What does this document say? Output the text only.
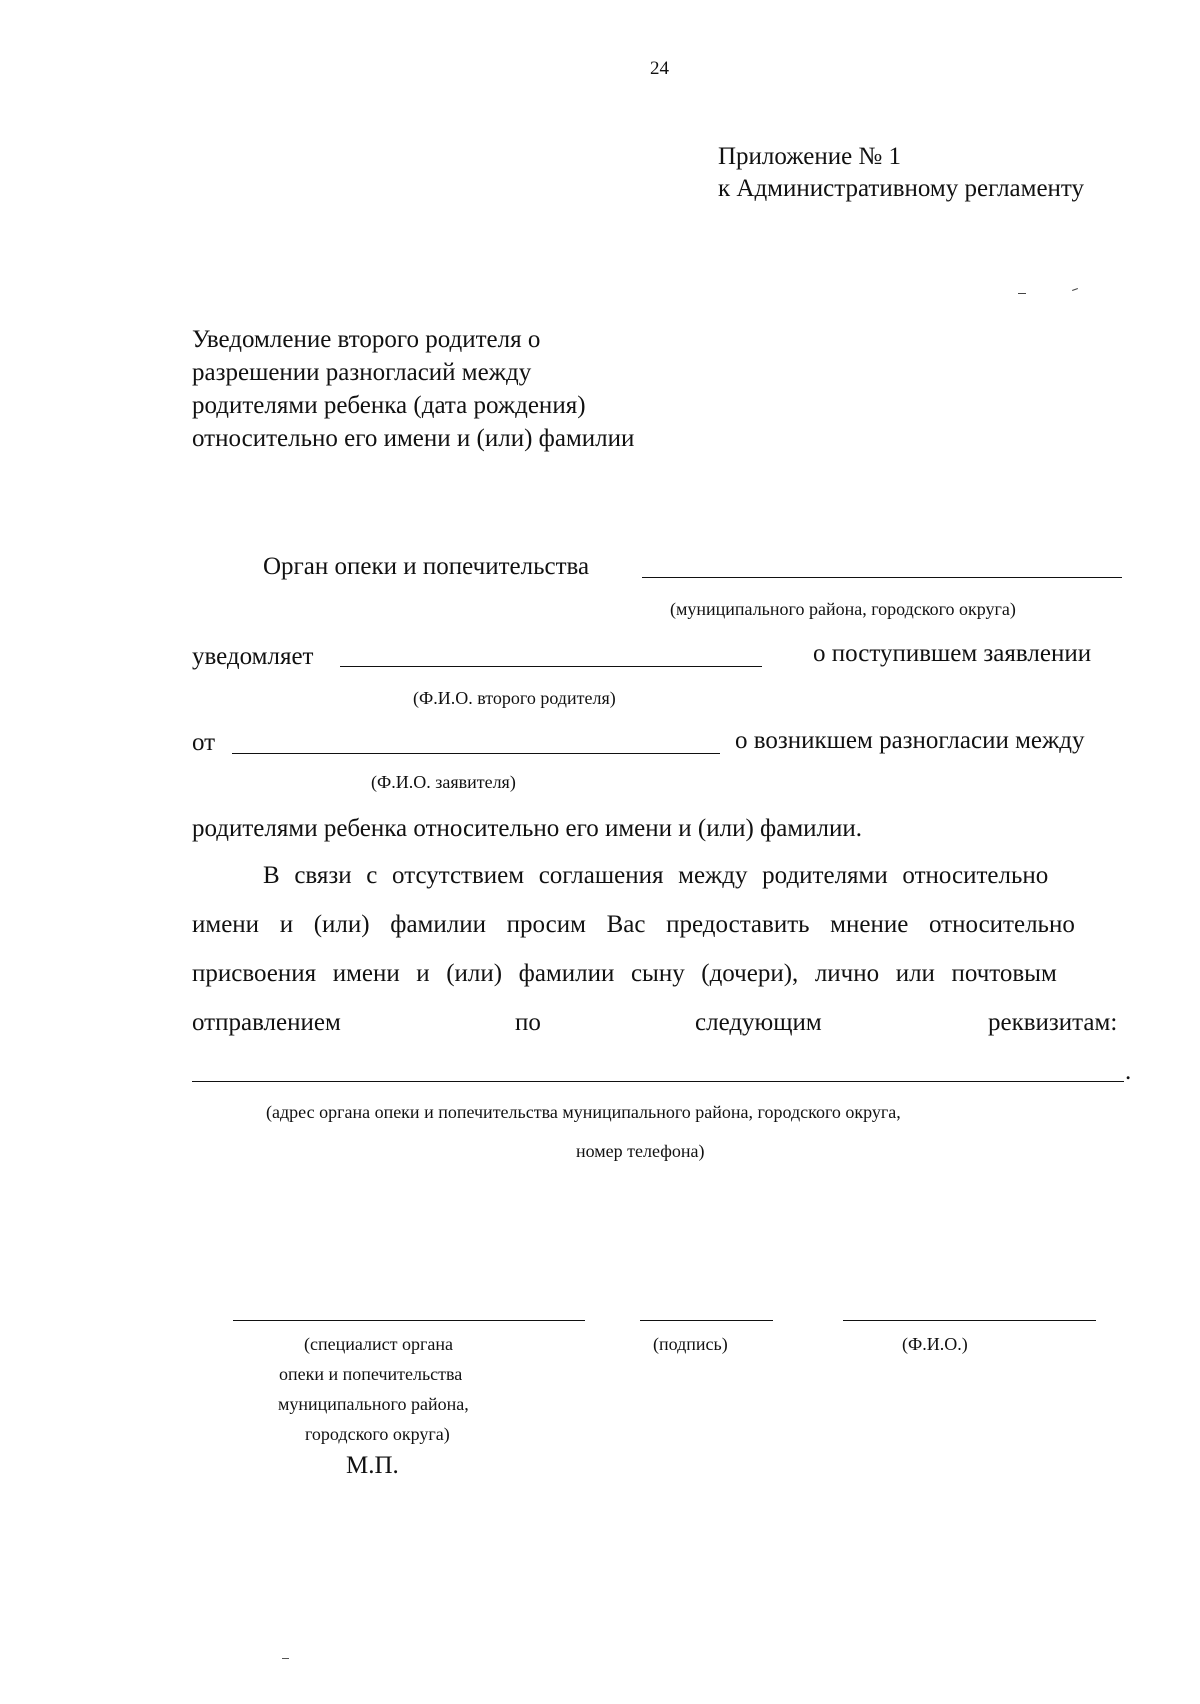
24
Приложение № 1
к Административному регламенту
Уведомление второго родителя о
разрешении разногласий между
родителями ребенка (дата рождения)
относительно его имени и (или) фамилии
Орган опеки и попечительства
(муниципального района, городского округа)
уведомляет	о поступившем заявлении
(Ф.И.О. второго родителя)
от	о возникшем разногласии между
(Ф.И.О. заявителя)
родителями ребенка относительно его имени и (или) фамилии.
В связи с отсутствием соглашения между родителями относительно
имени и (или) фамилии просим Вас предоставить мнение относительно
присвоения имени и (или) фамилии сыну (дочери), лично или почтовым
отправлением	по	следующим	реквизитам:
.
(адрес органа опеки и попечительства муниципального района, городского округа,
номер телефона)
(специалист органа
опеки и попечительства
муниципального района,
городского округа)
М.П.
(подпись)	(Ф.И.О.)
